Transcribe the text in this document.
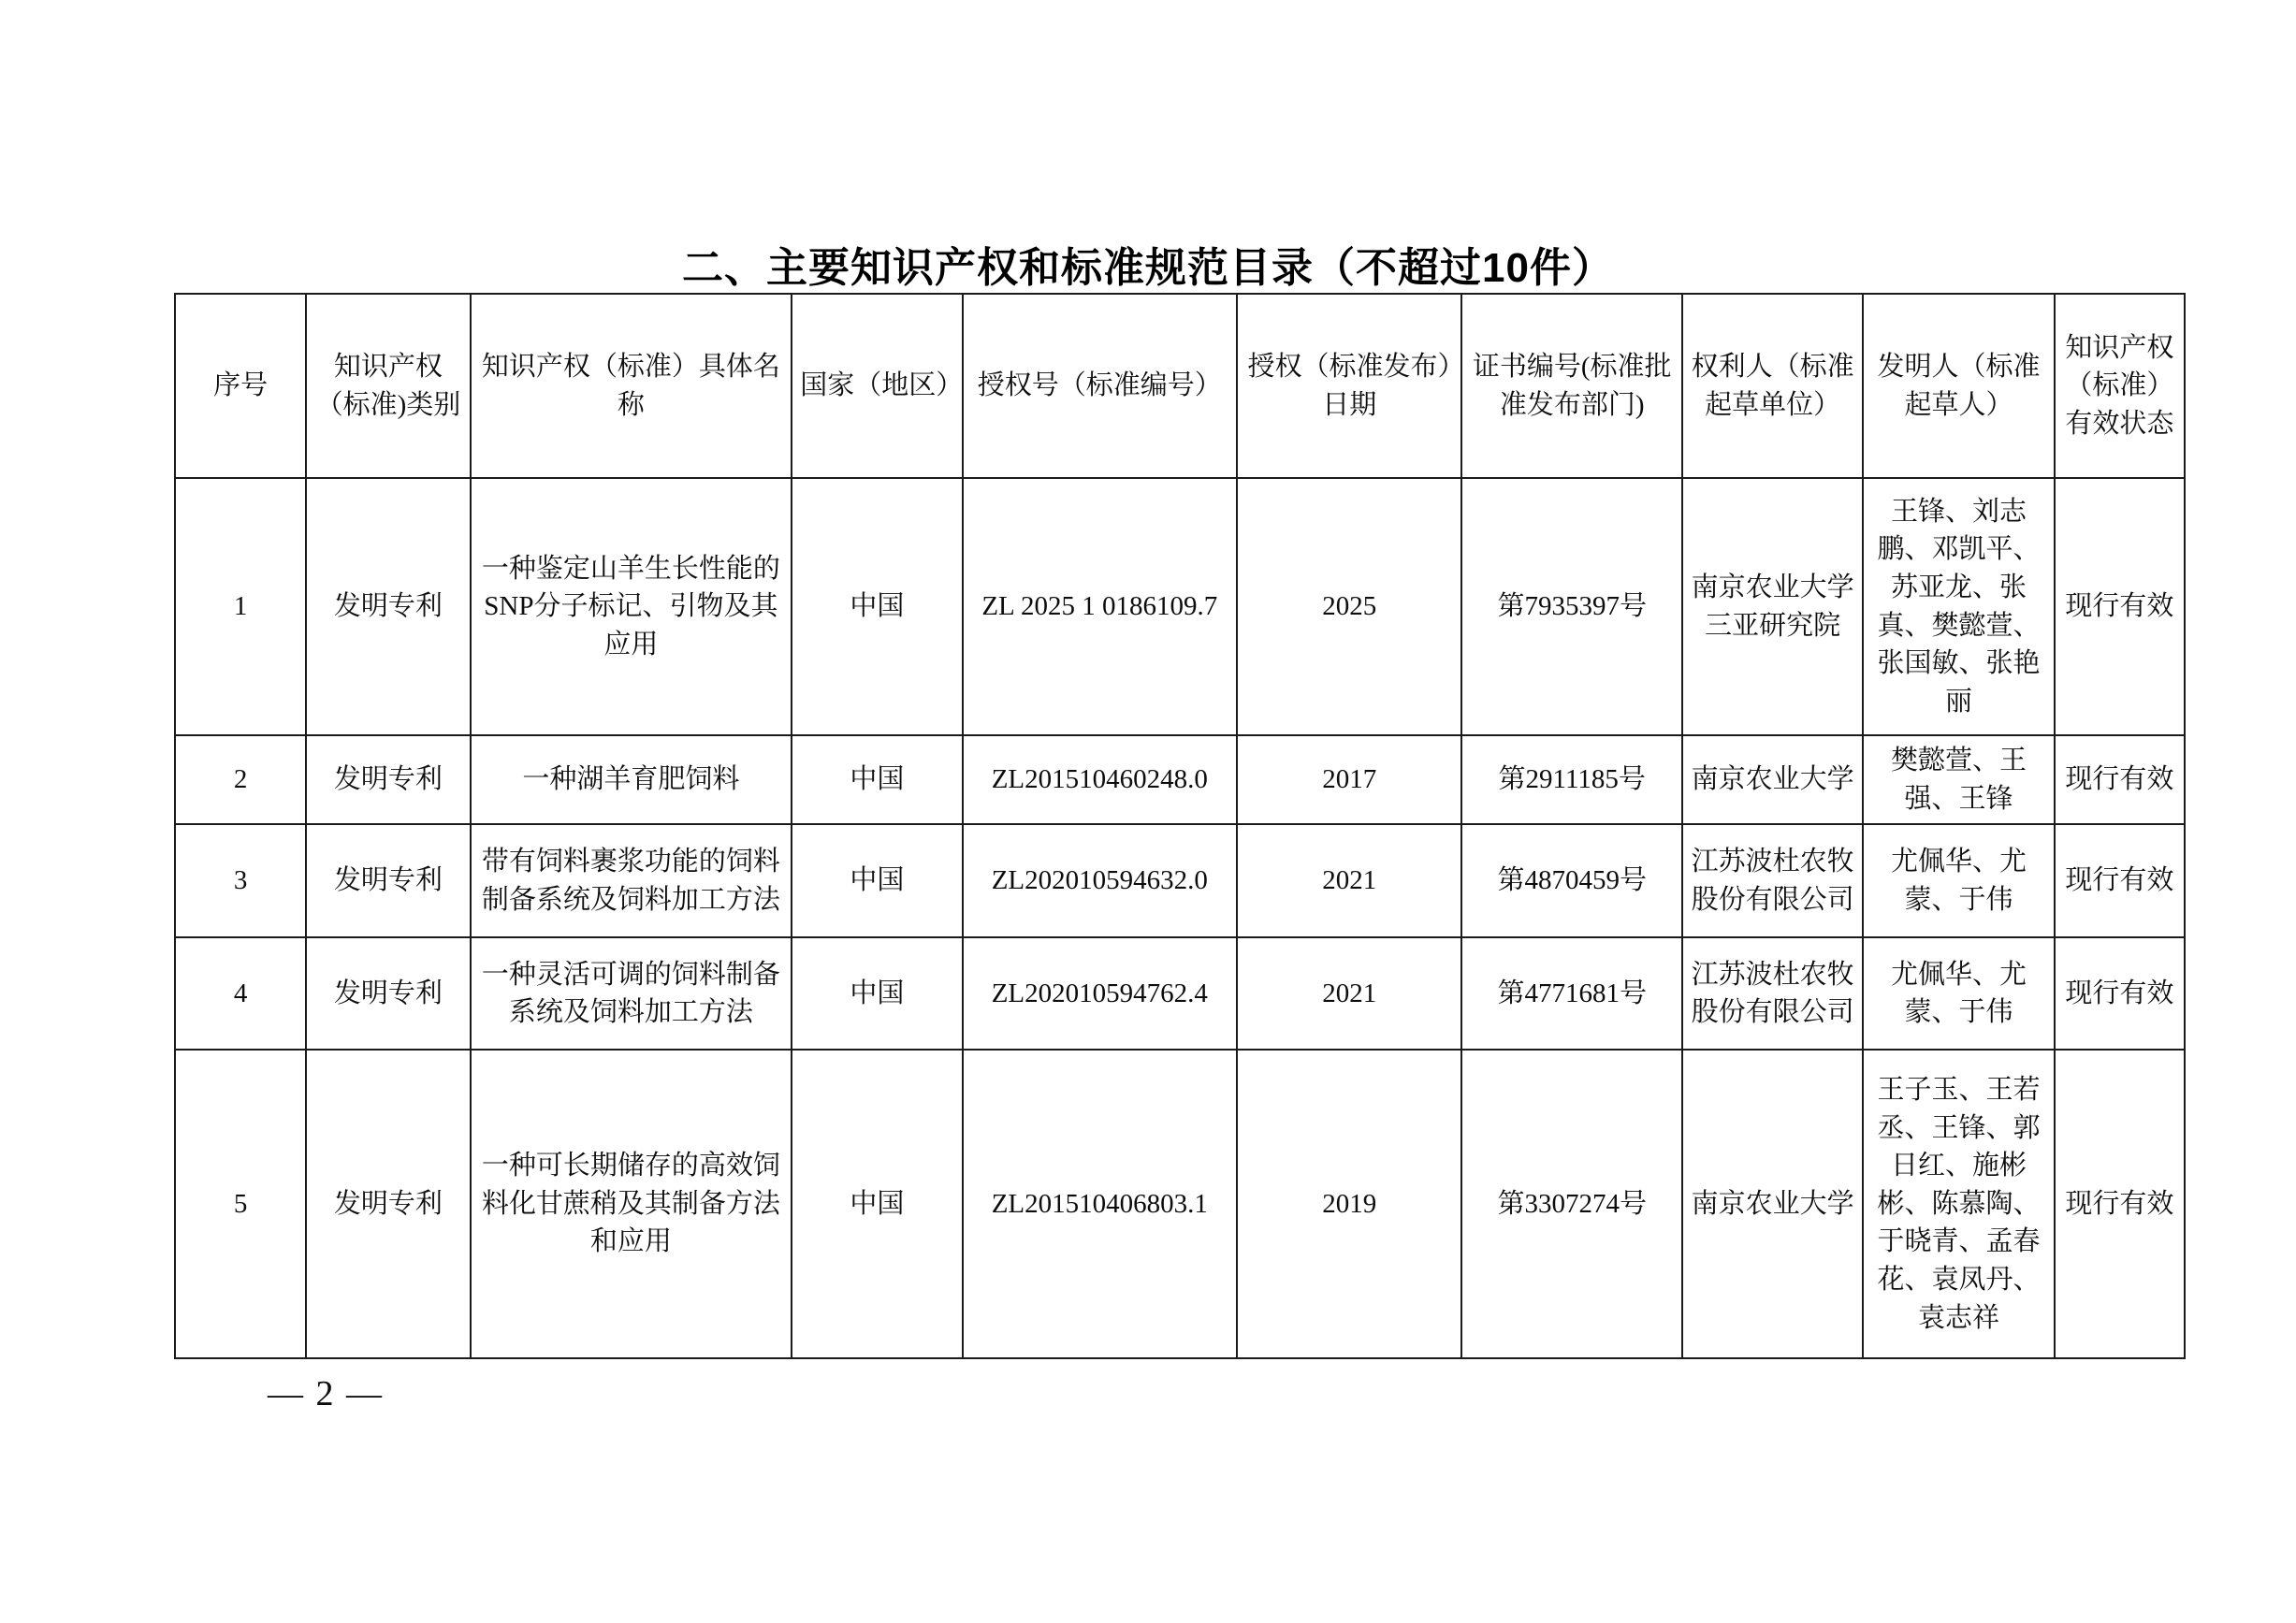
二、主要知识产权和标准规范目录（不超过10件）
序号	知识产权（标准)类别	知识产权（标准）具体名称	国家（地区）	授权号（标准编号）	授权（标准发布）日期	证书编号(标准批准发布部门)	权利人（标准起草单位）	发明人（标准起草人）	知识产权（标准）有效状态
1	发明专利	一种鉴定山羊生长性能的SNP分子标记、引物及其应用	中国	ZL 2025 1 0186109.7	2025	第7935397号	南京农业大学三亚研究院	王锋、刘志鹏、邓凯平、苏亚龙、张真、樊懿萱、张国敏、张艳丽	现行有效
2	发明专利	一种湖羊育肥饲料	中国	ZL201510460248.0	2017	第2911185号	南京农业大学	樊懿萱、王强、王锋	现行有效
3	发明专利	带有饲料裹浆功能的饲料制备系统及饲料加工方法	中国	ZL202010594632.0	2021	第4870459号	江苏波杜农牧股份有限公司	尤佩华、尤蒙、于伟	现行有效
4	发明专利	一种灵活可调的饲料制备系统及饲料加工方法	中国	ZL202010594762.4	2021	第4771681号	江苏波杜农牧股份有限公司	尤佩华、尤蒙、于伟	现行有效
5	发明专利	一种可长期储存的高效饲料化甘蔗稍及其制备方法和应用	中国	ZL201510406803.1	2019	第3307274号	南京农业大学	王子玉、王若丞、王锋、郭日红、施彬彬、陈慕陶、于晓青、孟春花、袁凤丹、袁志祥	现行有效
— 2 —
